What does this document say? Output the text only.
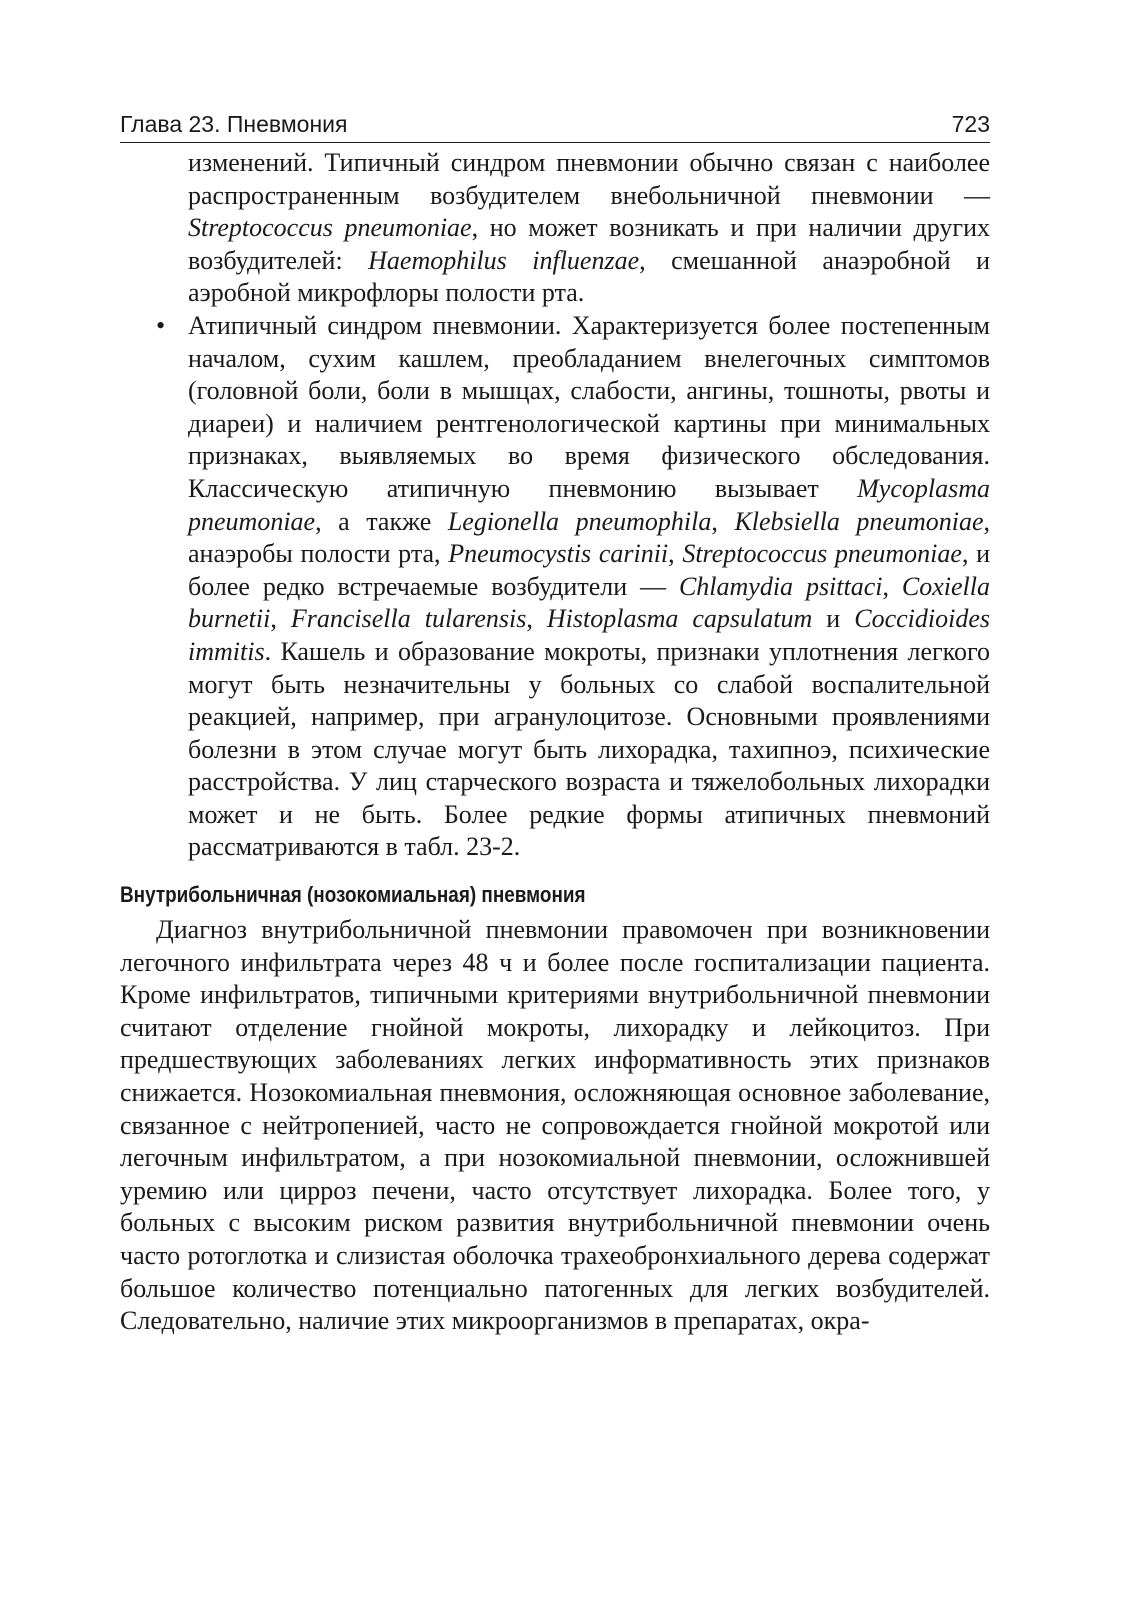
Глава 23. Пневмония	723

изменений. Типичный синдром пневмонии обычно связан с наиболее распространенным возбудителем внебольничной пневмонии — Streptococcus pneumoniae, но может возникать и при наличии других возбудителей: Haemophilus influenzae, смешанной анаэробной и аэробной микрофлоры полости рта.

• Атипичный синдром пневмонии. Характеризуется более постепенным началом, сухим кашлем, преобладанием внелегочных симптомов (головной боли, боли в мышцах, слабости, ангины, тошноты, рвоты и диареи) и наличием рентгенологической картины при минимальных признаках, выявляемых во время физического обследования. Классическую атипичную пневмонию вызывает Mycoplasma pneumoniae, а также Legionella pneumophila, Klebsiella pneumoniae, анаэробы полости рта, Pneumocystis carinii, Streptococcus pneumoniae, и более редко встречаемые возбудители — Chlamydia psittaci, Coxiella burnetii, Francisella tularensis, Histoplasma capsulatum и Coccidioides immitis. Кашель и образование мокроты, признаки уплотнения легкого могут быть незначительны у больных со слабой воспалительной реакцией, например, при агранулоцитозе. Основными проявлениями болезни в этом случае могут быть лихорадка, тахипноэ, психические расстройства. У лиц старческого возраста и тяжелобольных лихорадки может и не быть. Более редкие формы атипичных пневмоний рассматриваются в табл. 23-2.

Внутрибольничная (нозокомиальная) пневмония

Диагноз внутрибольничной пневмонии правомочен при возникновении легочного инфильтрата через 48 ч и более после госпитализации пациента. Кроме инфильтратов, типичными критериями внутрибольничной пневмонии считают отделение гнойной мокроты, лихорадку и лейкоцитоз. При предшествующих заболеваниях легких информативность этих признаков снижается. Нозокомиальная пневмония, осложняющая основное заболевание, связанное с нейтропенией, часто не сопровождается гнойной мокротой или легочным инфильтратом, а при нозокомиальной пневмонии, осложнившей уремию или цирроз печени, часто отсутствует лихорадка. Более того, у больных с высоким риском развития внутрибольничной пневмонии очень часто ротоглотка и слизистая оболочка трахеобронхиального дерева содержат большое количество потенциально патогенных для легких возбудителей. Следовательно, наличие этих микроорганизмов в препаратах, окра-
